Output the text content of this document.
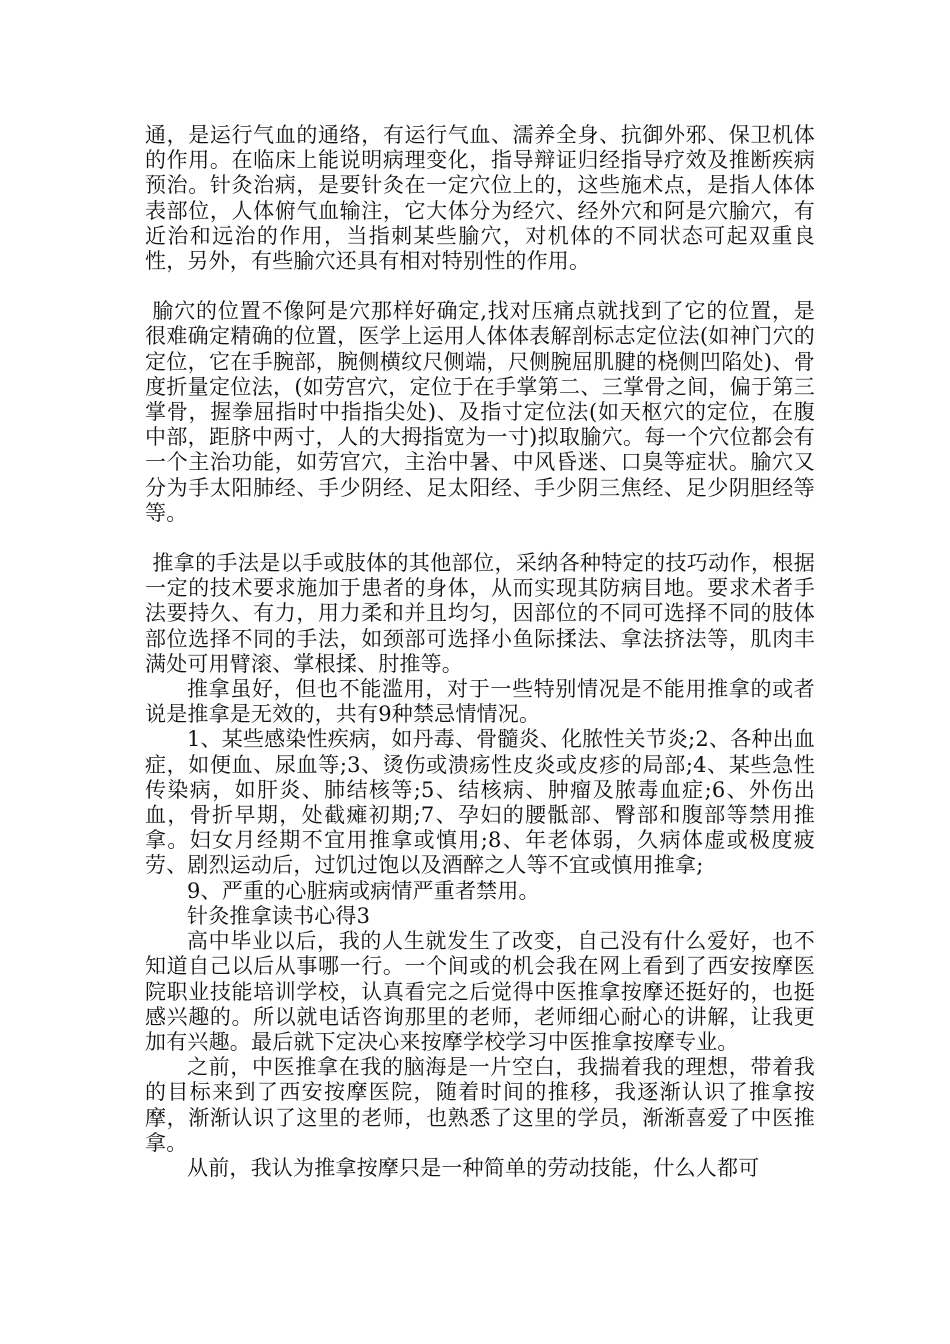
通，是运行气血的通络，有运行气血、濡养全身、抗御外邪、保卫机体的作用。在临床上能说明病理变化，指导辩证归经指导疗效及推断疾病预治。针灸治病，是要针灸在一定穴位上的，这些施术点，是指人体体表部位，人体俯气血输注，它大体分为经穴、经外穴和阿是穴腧穴，有近治和远治的作用，当指刺某些腧穴，对机体的不同状态可起双重良性，另外，有些腧穴还具有相对特别性的作用。

腧穴的位置不像阿是穴那样好确定,找对压痛点就找到了它的位置，是很难确定精确的位置，医学上运用人体体表解剖标志定位法(如神门穴的定位，它在手腕部，腕侧横纹尺侧端，尺侧腕屈肌腱的桡侧凹陷处)、骨度折量定位法，(如劳宫穴，定位于在手掌第二、三掌骨之间，偏于第三掌骨，握拳屈指时中指指尖处)、及指寸定位法(如天枢穴的定位，在腹中部，距脐中两寸，人的大拇指宽为一寸)拟取腧穴。每一个穴位都会有一个主治功能，如劳宫穴，主治中暑、中风昏迷、口臭等症状。腧穴又分为手太阳肺经、手少阴经、足太阳经、手少阴三焦经、足少阴胆经等等。

推拿的手法是以手或肢体的其他部位，采纳各种特定的技巧动作，根据一定的技术要求施加于患者的身体，从而实现其防病目地。要求术者手法要持久、有力，用力柔和并且均匀，因部位的不同可选择不同的肢体部位选择不同的手法，如颈部可选择小鱼际揉法、拿法挤法等，肌肉丰满处可用臂滚、掌根揉、肘推等。

推拿虽好，但也不能滥用，对于一些特别情况是不能用推拿的或者说是推拿是无效的，共有9种禁忌情情况。

1、某些感染性疾病，如丹毒、骨髓炎、化脓性关节炎;2、各种出血症，如便血、尿血等;3、烫伤或溃疡性皮炎或皮疹的局部;4、某些急性传染病，如肝炎、肺结核等;5、结核病、肿瘤及脓毒血症;6、外伤出血，骨折早期，处截瘫初期;7、孕妇的腰骶部、臀部和腹部等禁用推拿。妇女月经期不宜用推拿或慎用;8、年老体弱，久病体虚或极度疲劳、剧烈运动后，过饥过饱以及酒醉之人等不宜或慎用推拿;

9、严重的心脏病或病情严重者禁用。

针灸推拿读书心得3

高中毕业以后，我的人生就发生了改变，自己没有什么爱好，也不知道自己以后从事哪一行。一个间或的机会我在网上看到了西安按摩医院职业技能培训学校，认真看完之后觉得中医推拿按摩还挺好的，也挺感兴趣的。所以就电话咨询那里的老师，老师细心耐心的讲解，让我更加有兴趣。最后就下定决心来按摩学校学习中医推拿按摩专业。

之前，中医推拿在我的脑海是一片空白，我揣着我的理想，带着我的目标来到了西安按摩医院，随着时间的推移，我逐渐认识了推拿按摩，渐渐认识了这里的老师，也熟悉了这里的学员，渐渐喜爱了中医推拿。

从前，我认为推拿按摩只是一种简单的劳动技能，什么人都可
